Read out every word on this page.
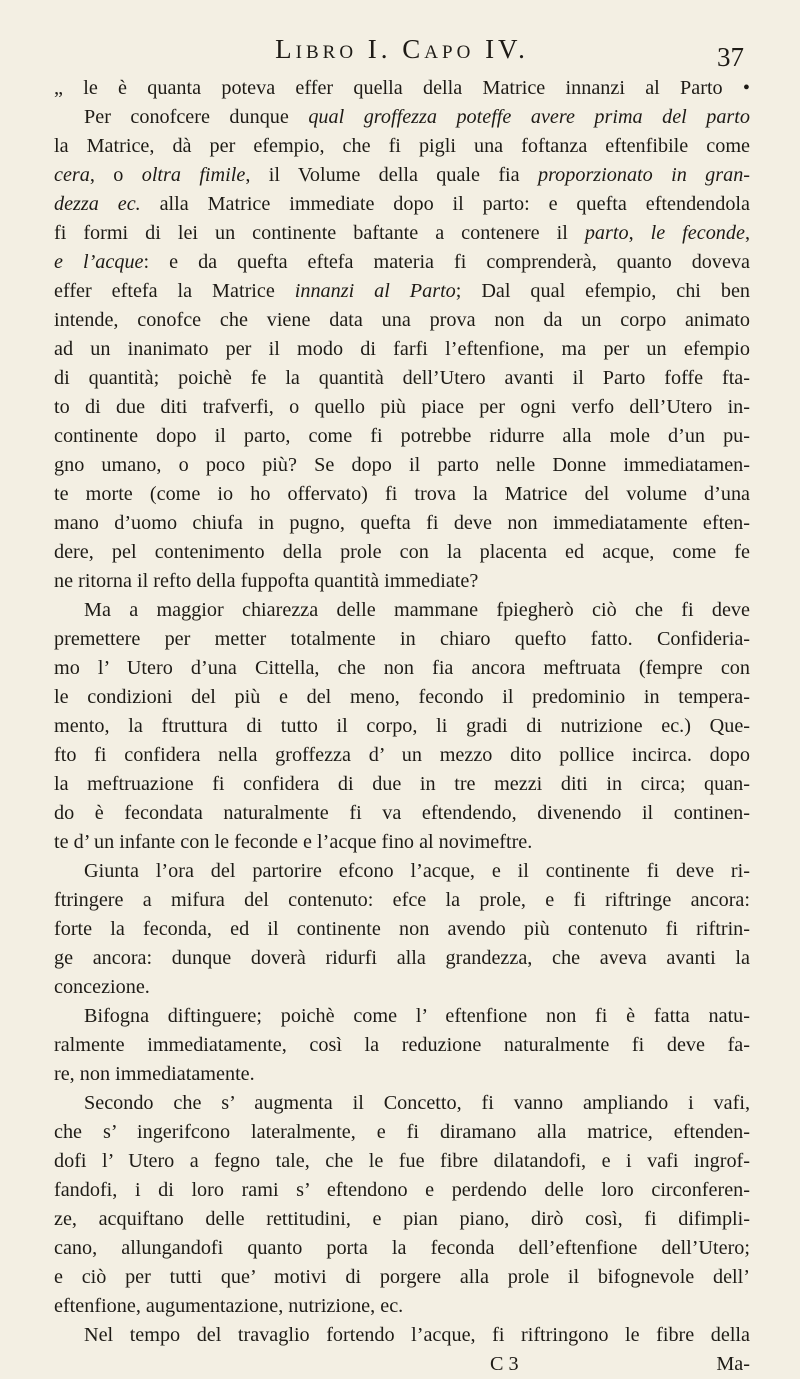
Libro I. Capo IV.	37
„ le è quanta poteva effer quella della Matrice innanzi al Parto •
Per conofcere dunque qual groffezza poteffe avere prima del parto
la Matrice, dà per efempio, che fi pigli una foftanza eftenfibile come
cera, o oltra fimile, il Volume della quale fia proporzionato in gran-
dezza ec. alla Matrice immediate dopo il parto: e quefta eftendendola
fi formi di lei un continente baftante a contenere il parto, le feconde,
e l’acque: e da quefta eftefa materia fi comprenderà, quanto doveva
effer eftefa la Matrice innanzi al Parto; Dal qual efempio, chi ben
intende, conofce che viene data una prova non da un corpo animato
ad un inanimato per il modo di farfi l’eftenfione, ma per un efempio
di quantità; poichè fe la quantità dell’Utero avanti il Parto foffe fta-
to di due diti trafverfi, o quello più piace per ogni verfo dell’Utero in-
continente dopo il parto, come fi potrebbe ridurre alla mole d’un pu-
gno umano, o poco più? Se dopo il parto nelle Donne immediatamen-
te morte (come io ho offervato) fi trova la Matrice del volume d’una
mano d’uomo chiufa in pugno, quefta fi deve non immediatamente eften-
dere, pel contenimento della prole con la placenta ed acque, come fe
ne ritorna il refto della fuppofta quantità immediate?
Ma a maggior chiarezza delle mammane fpiegherò ciò che fi deve
premettere per metter totalmente in chiaro quefto fatto. Confideria-
mo l’ Utero d’una Cittella, che non fia ancora meftruata (fempre con
le condizioni del più e del meno, fecondo il predominio in tempera-
mento, la ftruttura di tutto il corpo, li gradi di nutrizione ec.) Que-
fto fi confidera nella groffezza d’ un mezzo dito pollice incirca. dopo
la meftruazione fi confidera di due in tre mezzi diti in circa; quan-
do è fecondata naturalmente fi va eftendendo, divenendo il continen-
te d’ un infante con le feconde e l’acque fino al novimeftre.
Giunta l’ora del partorire efcono l’acque, e il continente fi deve ri-
ftringere a mifura del contenuto: efce la prole, e fi riftringe ancora:
forte la feconda, ed il continente non avendo più contenuto fi riftrin-
ge ancora: dunque doverà ridurfi alla grandezza, che aveva avanti la
concezione.
Bifogna diftinguere; poichè come l’ eftenfione non fi è fatta natu-
ralmente immediatamente, così la reduzione naturalmente fi deve fa-
re, non immediatamente.
Secondo che s’ augmenta il Concetto, fi vanno ampliando i vafi,
che s’ ingerifcono lateralmente, e fi diramano alla matrice, eftenden-
dofi l’ Utero a fegno tale, che le fue fibre dilatandofi, e i vafi ingrof-
fandofi, i di loro rami s’ eftendono e perdendo delle loro circonferen-
ze, acquiftano delle rettitudini, e pian piano, dirò così, fi difimpli-
cano, allungandofi quanto porta la feconda dell’eftenfione dell’Utero;
e ciò per tutti que’ motivi di porgere alla prole il bifognevole dell’
eftenfione, augumentazione, nutrizione, ec.
Nel tempo del travaglio fortendo l’acque, fi riftringono le fibre della
C 3	Ma-
